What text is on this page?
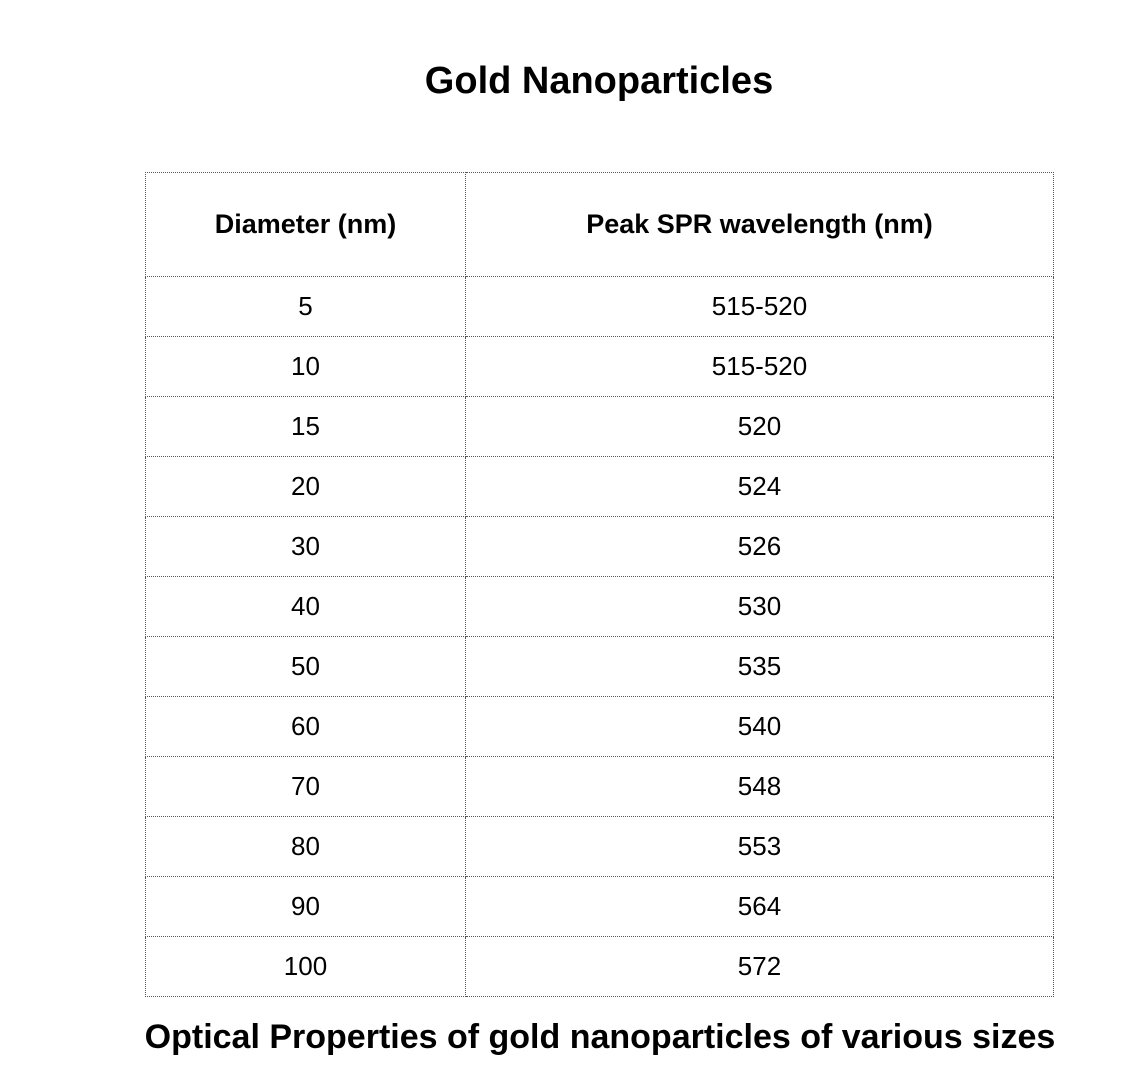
Gold Nanoparticles
Diameter (nm)	Peak SPR wavelength (nm)
5	515-520
10	515-520
15	520
20	524
30	526
40	530
50	535
60	540
70	548
80	553
90	564
100	572

Optical Properties of gold nanoparticles of various sizes
